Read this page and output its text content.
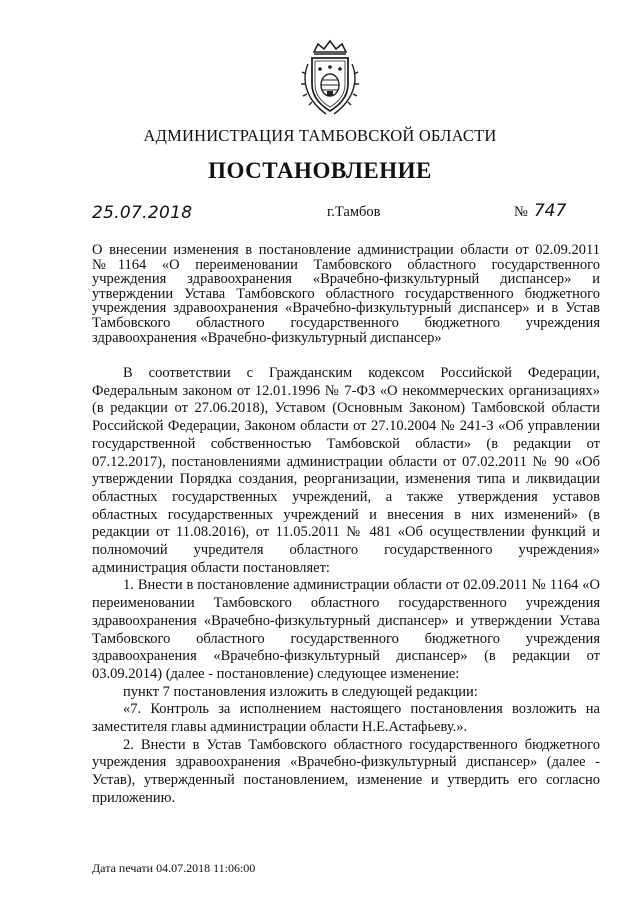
АДМИНИСТРАЦИЯ ТАМБОВСКОЙ ОБЛАСТИ
ПОСТАНОВЛЕНИЕ
25.07.2018	г.Тамбов	№ 747
О внесении изменения в постановление администрации области от 02.09.2011 №1164 «О переименовании Тамбовского областного государственного учреждения здравоохранения «Врачебно-физкультурный диспансер» и утверждении Устава Тамбовского областного государственного бюджетного учреждения здравоохранения «Врачебно-физкультурный диспансер» и в Устав Тамбовского областного государственного бюджетного учреждения здравоохранения «Врачебно-физкультурный диспансер»

В соответствии с Гражданским кодексом Российской Федерации, Федеральным законом от 12.01.1996 № 7-ФЗ «О некоммерческих организациях» (в редакции от 27.06.2018), Уставом (Основным Законом) Тамбовской области Российской Федерации, Законом области от 27.10.2004 № 241-З «Об управлении государственной собственностью Тамбовской области» (в редакции от 07.12.2017), постановлениями администрации области от 07.02.2011 № 90 «Об утверждении Порядка создания, реорганизации, изменения типа и ликвидации областных государственных учреждений, а также утверждения уставов областных государственных учреждений и внесения в них изменений» (в редакции от 11.08.2016), от 11.05.2011 № 481 «Об осуществлении функций и полномочий учредителя областного государственного учреждения» администрация области постановляет:

1. Внести в постановление администрации области от 02.09.2011 № 1164 «О переименовании Тамбовского областного государственного учреждения здравоохранения «Врачебно-физкультурный диспансер» и утверждении Устава Тамбовского областного государственного бюджетного учреждения здравоохранения «Врачебно-физкультурный диспансер» (в редакции от 03.09.2014) (далее - постановление) следующее изменение:

пункт 7 постановления изложить в следующей редакции:

«7. Контроль за исполнением настоящего постановления возложить на заместителя главы администрации области Н.Е.Астафьеву.».

2. Внести в Устав Тамбовского областного государственного бюджетного учреждения здравоохранения «Врачебно-физкультурный диспансер» (далее - Устав), утвержденный постановлением, изменение и утвердить его согласно приложению.

Дата печати 04.07.2018 11:06:00
